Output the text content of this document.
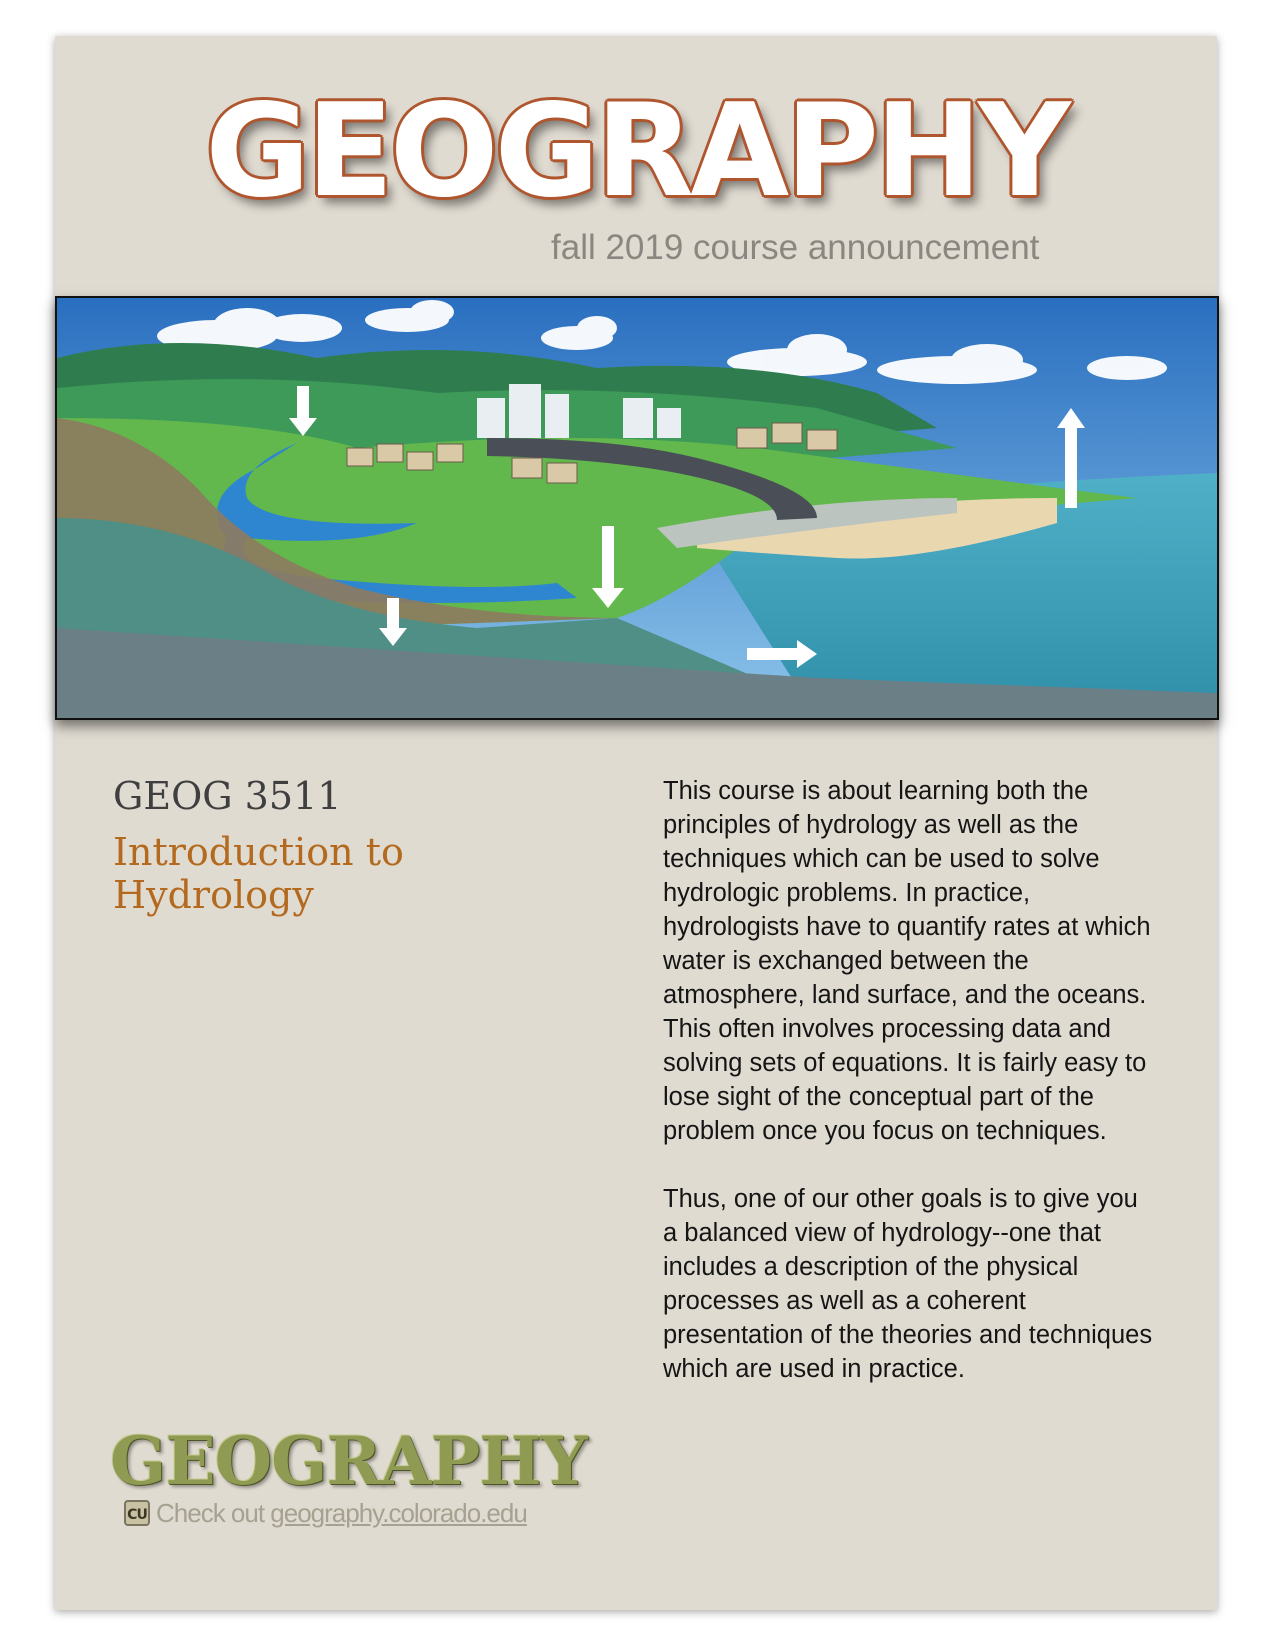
GEOGRAPHY
fall 2019 course announcement
GEOG 3511
Introduction to Hydrology

This course is about learning both the principles of hydrology as well as the techniques which can be used to solve hydrologic problems. In practice, hydrologists have to quantify rates at which water is exchanged between the atmosphere, land surface, and the oceans. This often involves processing data and solving sets of equations. It is fairly easy to lose sight of the conceptual part of the problem once you focus on techniques.

Thus, one of our other goals is to give you a balanced view of hydrology--one that includes a description of the physical processes as well as a coherent presentation of the theories and techniques which are used in practice.

GEOGRAPHY
CU Check out geography.colorado.edu
